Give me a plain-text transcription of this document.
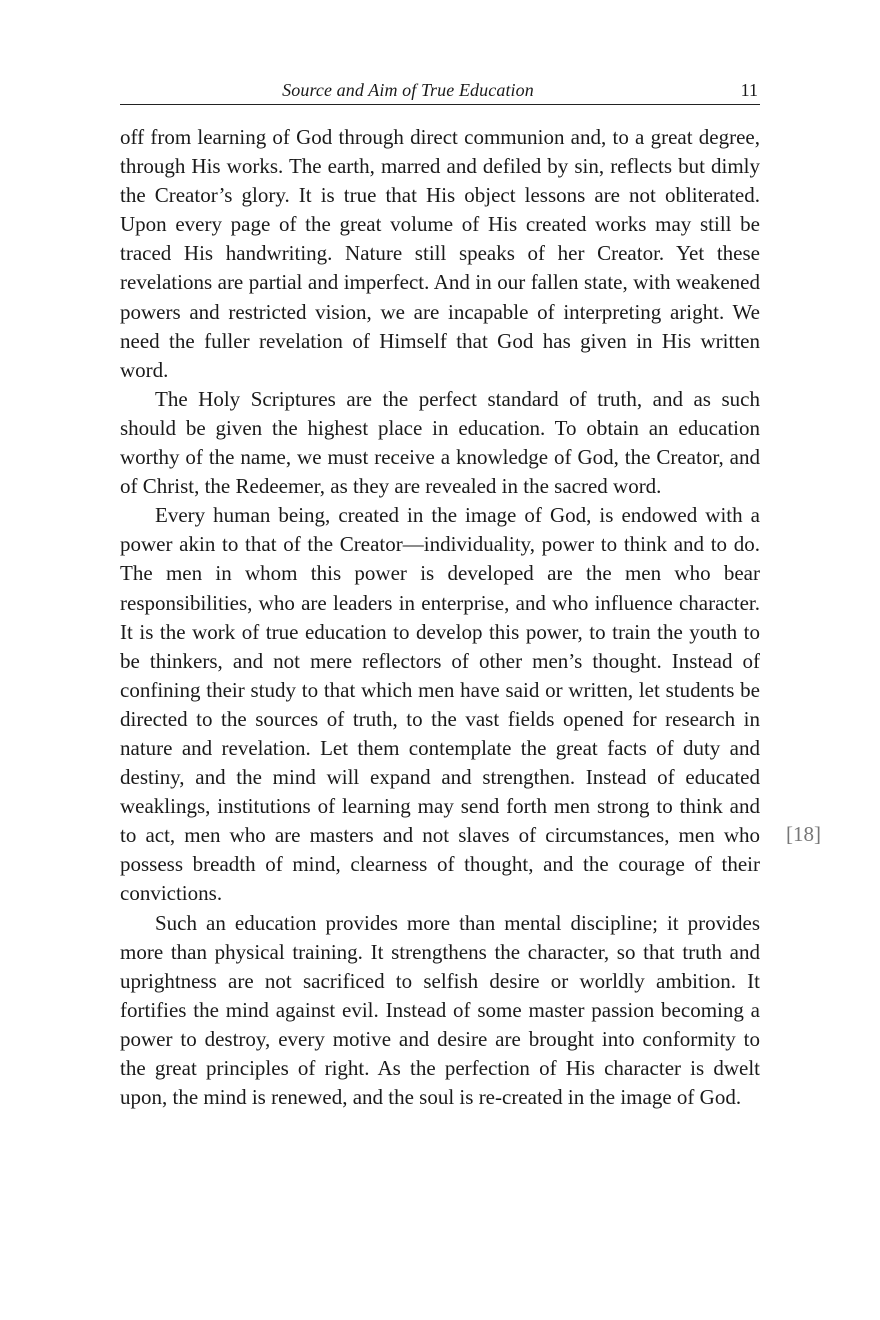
Source and Aim of True Education	11

off from learning of God through direct communion and, to a great degree, through His works. The earth, marred and defiled by sin, reflects but dimly the Creator’s glory. It is true that His object lessons are not obliterated. Upon every page of the great volume of His created works may still be traced His handwriting. Nature still speaks of her Creator. Yet these revelations are partial and imperfect. And in our fallen state, with weakened powers and restricted vision, we are incapable of interpreting aright. We need the fuller revelation of Himself that God has given in His written word.

The Holy Scriptures are the perfect standard of truth, and as such should be given the highest place in education. To obtain an education worthy of the name, we must receive a knowledge of God, the Creator, and of Christ, the Redeemer, as they are revealed in the sacred word.

Every human being, created in the image of God, is endowed with a power akin to that of the Creator—individuality, power to think and to do. The men in whom this power is developed are the men who bear responsibilities, who are leaders in enterprise, and who influence character. It is the work of true education to develop this power, to train the youth to be thinkers, and not mere reflectors of other men’s thought. Instead of confining their study to that which men have said or written, let students be directed to the sources of truth, to the vast fields opened for research in nature and revelation. Let them contemplate the great facts of duty and destiny, and the mind will expand and strengthen. Instead of educated weaklings, institutions of learning may send forth men strong to think and to act, men who are masters and not slaves of circumstances, men who possess breadth of mind, clearness of thought, and the courage of their convictions.

Such an education provides more than mental discipline; it provides more than physical training. It strengthens the character, so that truth and uprightness are not sacrificed to selfish desire or worldly ambition. It fortifies the mind against evil. Instead of some master passion becoming a power to destroy, every motive and desire are brought into conformity to the great principles of right. As the perfection of His character is dwelt upon, the mind is renewed, and the soul is re-created in the image of God.

[18]
